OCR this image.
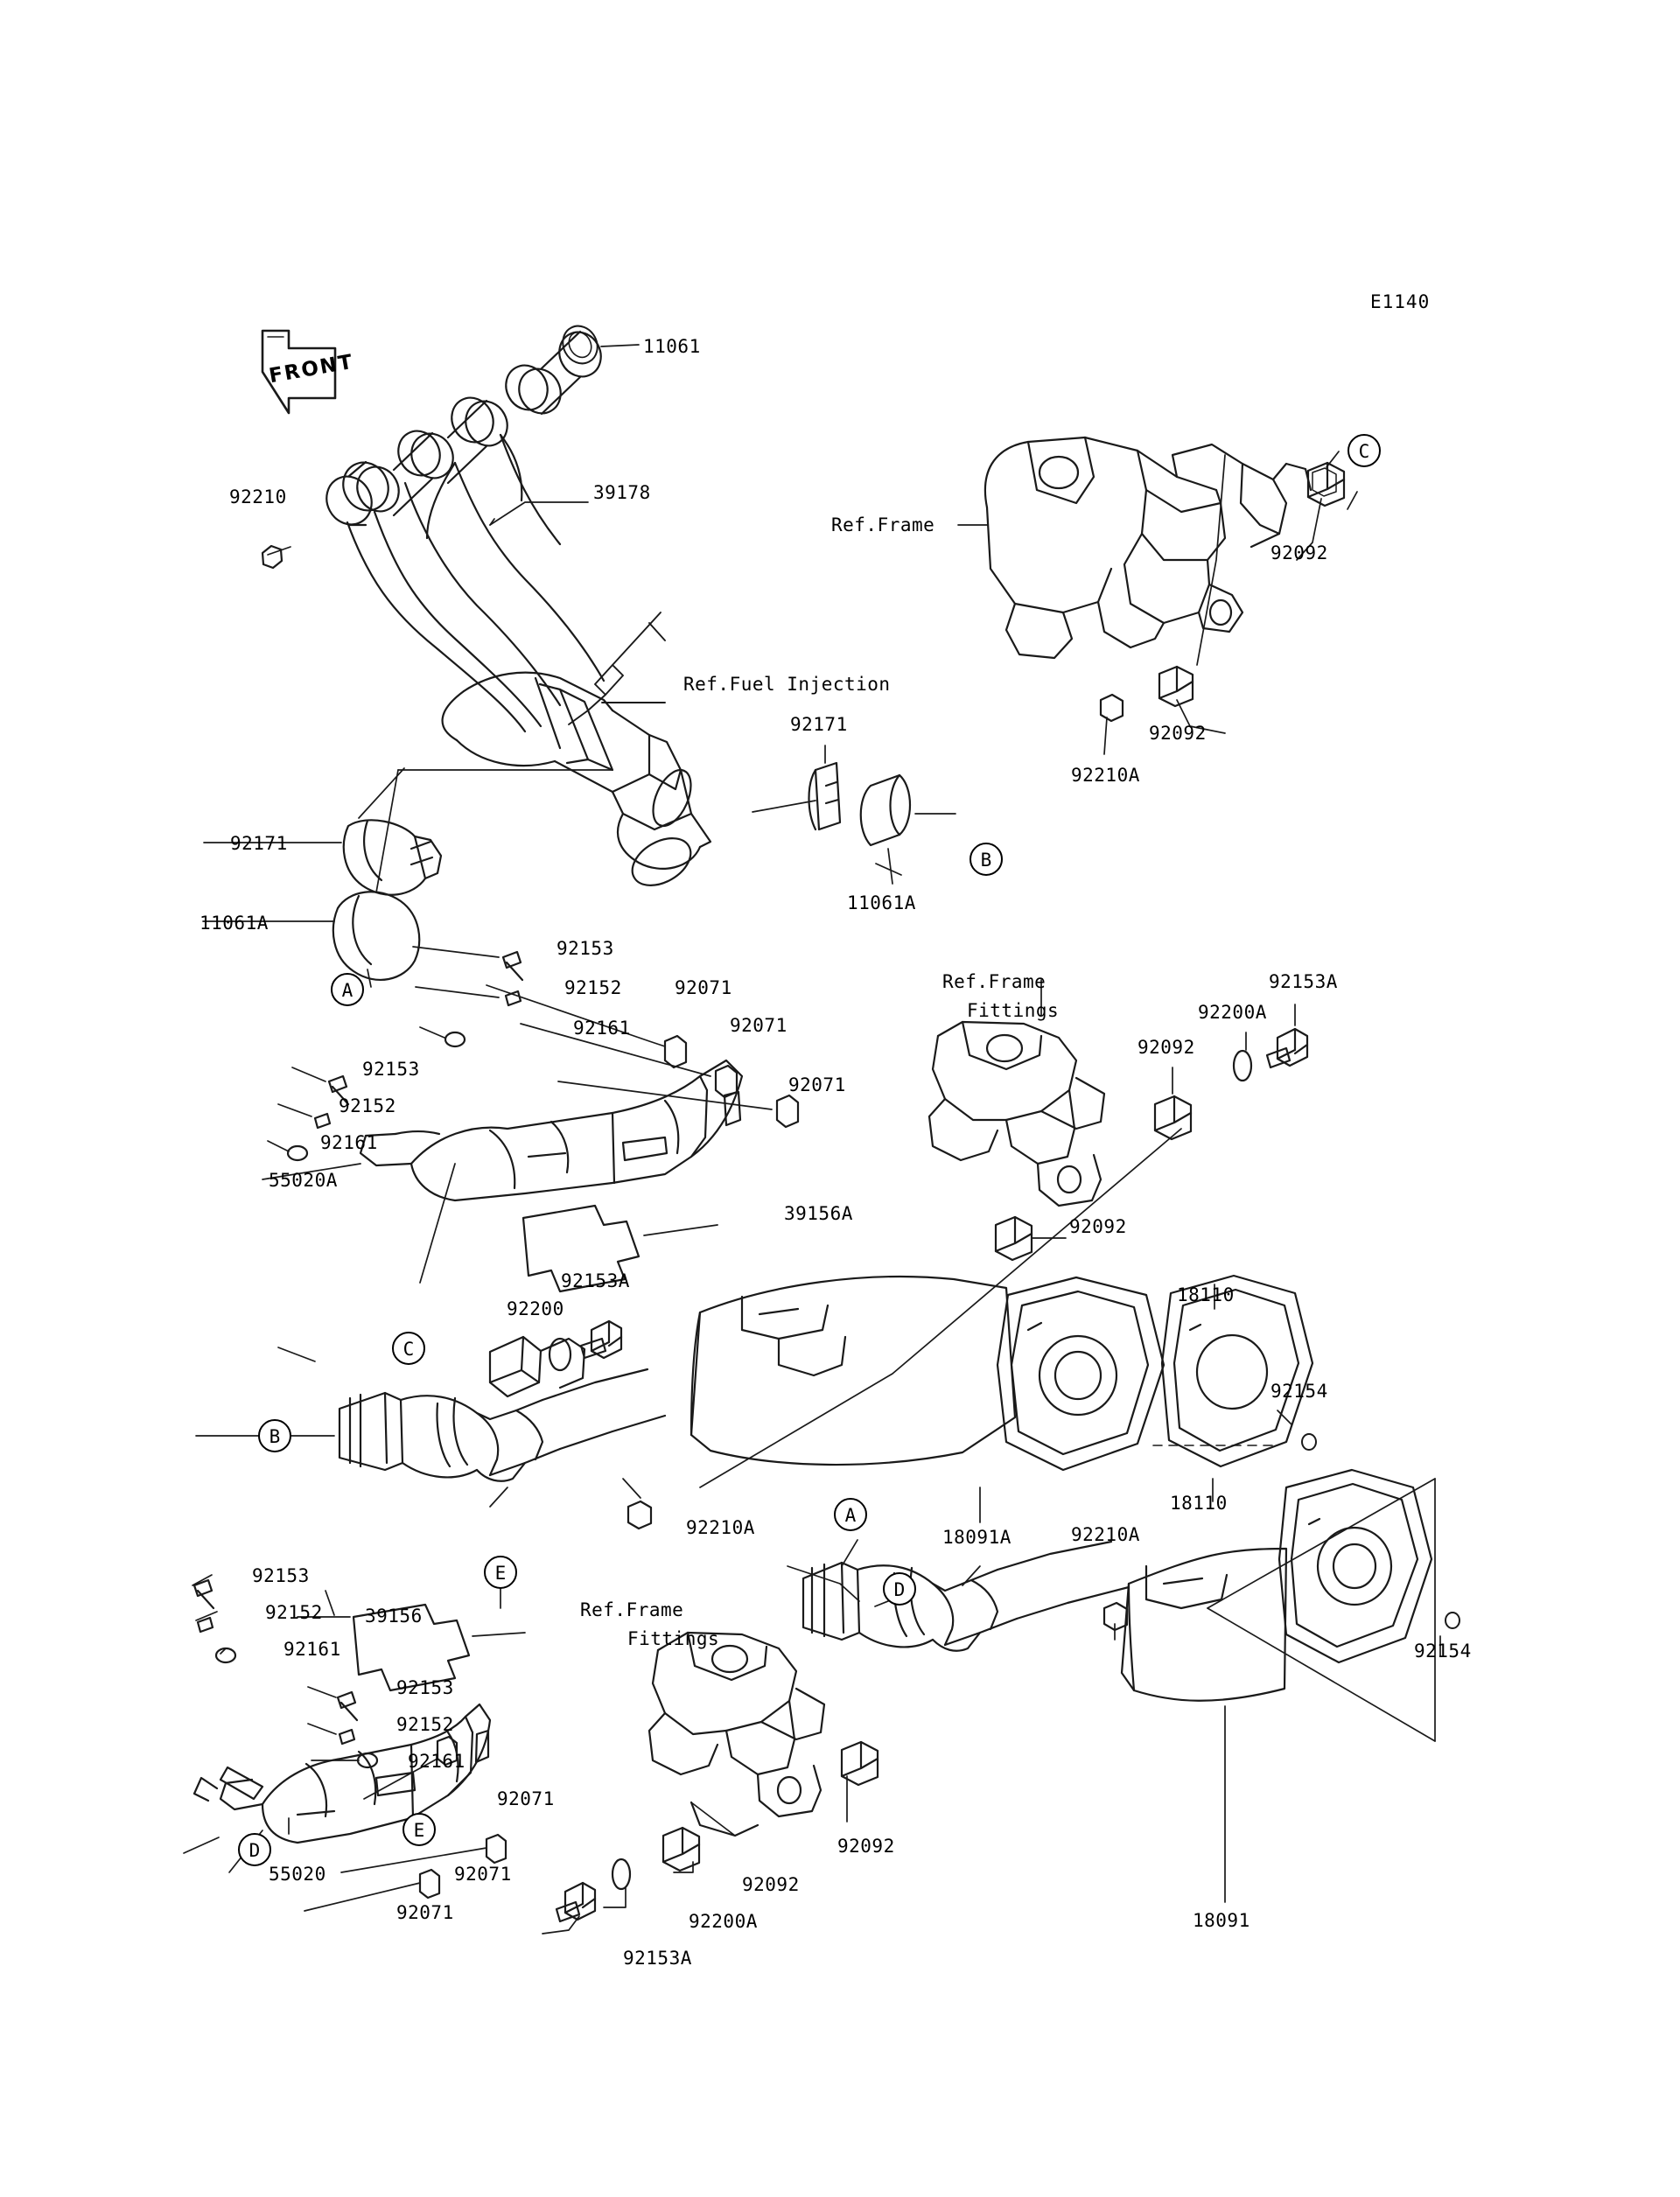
FRONT
E1140
11061
92210	39178
Ref.Frame
92092
92092
92210A
Ref.Fuel Injection
92171
92171
11061A
11061A
92153
92152
92161
92071
92071
92071
92153
92152
92161
55020A
Ref.Frame
Fittings
92153A
92200A
92092
92092
39156A
92153A
92200
18110
92154
92210A	18091A	92210A
18110
92154
92153
92152
92161
39156	Ref.Frame
Fittings
92153
92152
92161
92071
55020	92071
92071
92092
92092
92200A
92153A
18091
A
B
C
C
B
E
A
D
D
E
